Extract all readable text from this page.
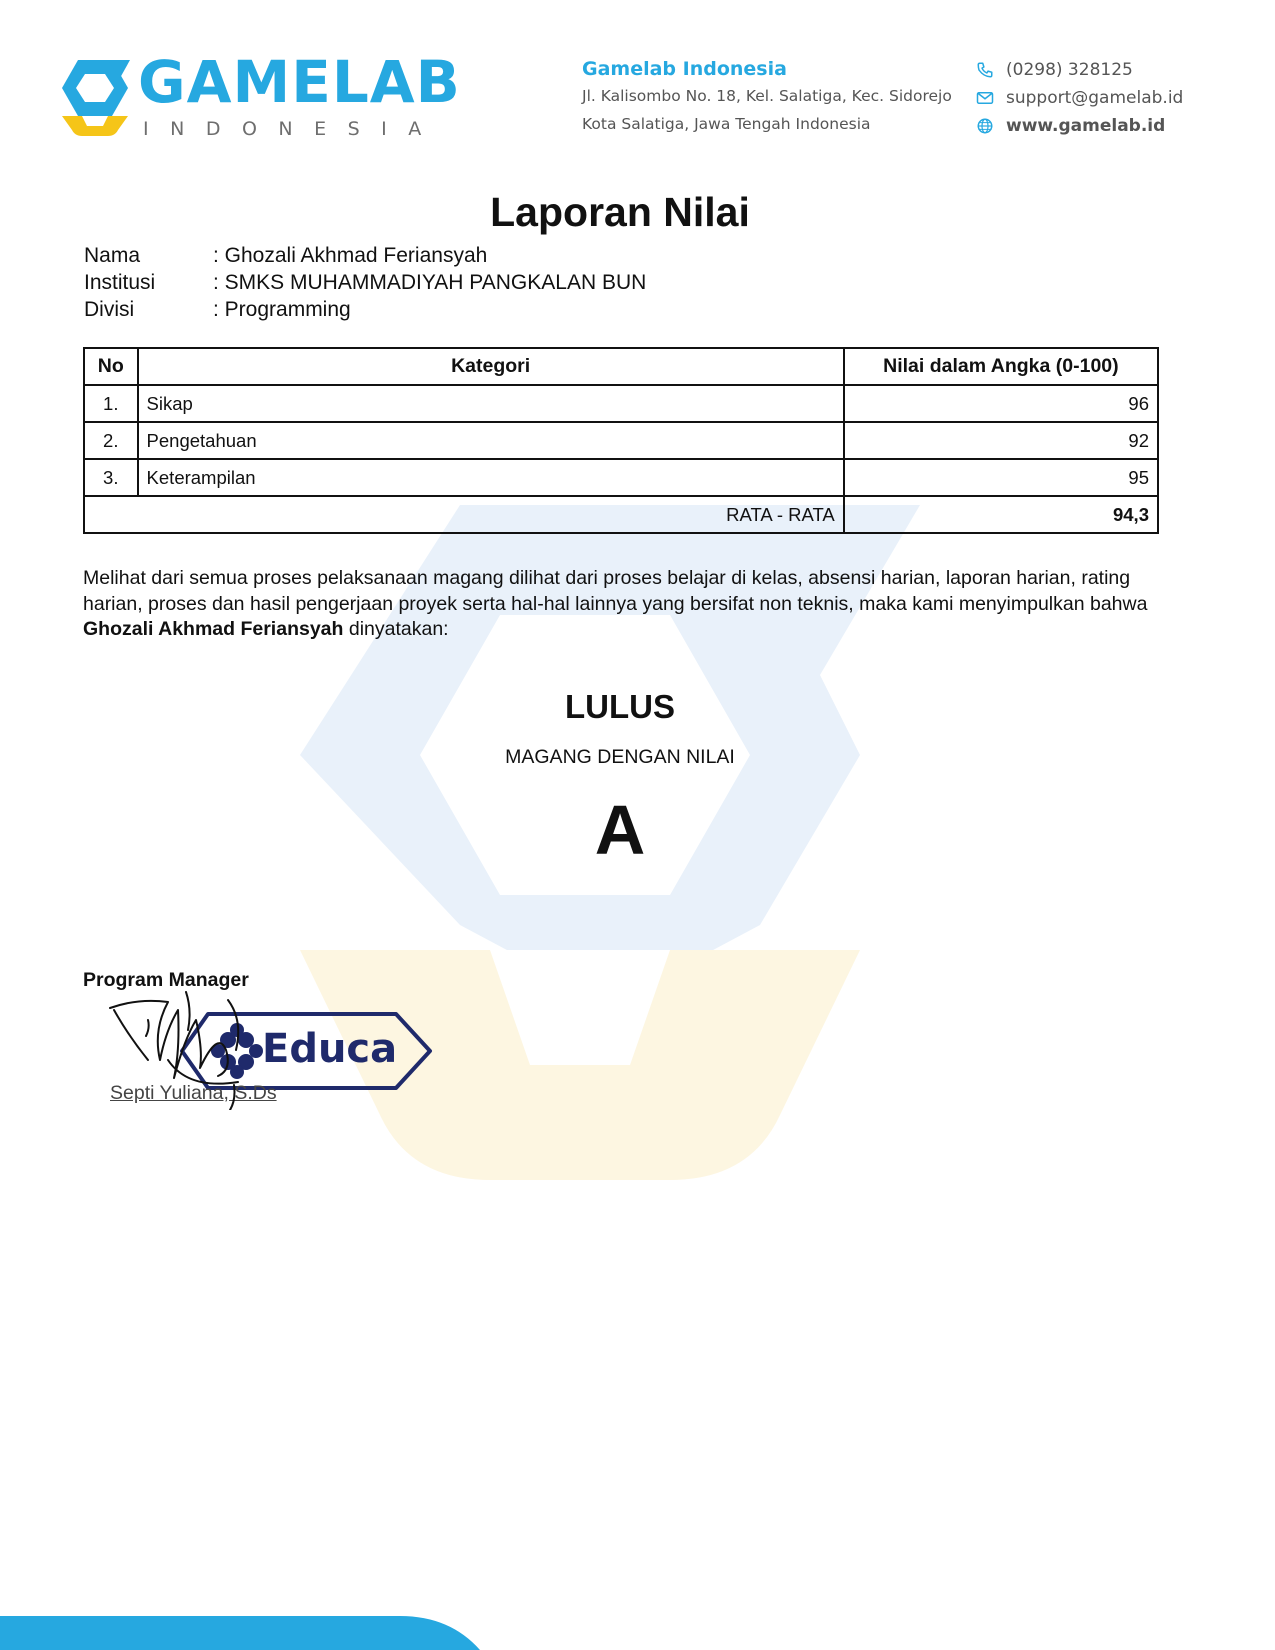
GAMELAB
INDONESIA
Gamelab Indonesia
Jl. Kalisombo No. 18, Kel. Salatiga, Kec. Sidorejo
Kota Salatiga, Jawa Tengah Indonesia
(0298) 328125
support@gamelab.id
www.gamelab.id
Laporan Nilai
Nama	: Ghozali Akhmad Feriansyah
Institusi	: SMKS MUHAMMADIYAH PANGKALAN BUN
Divisi	: Programming
No	Kategori	Nilai dalam Angka (0-100)
1.	Sikap	96
2.	Pengetahuan	92
3.	Keterampilan	95
RATA - RATA		94,3
Melihat dari semua proses pelaksanaan magang dilihat dari proses belajar di kelas, absensi harian, laporan harian, rating harian, proses dan hasil pengerjaan proyek serta hal-hal lainnya yang bersifat non teknis, maka kami menyimpulkan bahwa Ghozali Akhmad Feriansyah dinyatakan:
LULUS
MAGANG DENGAN NILAI
A
Program Manager
Educa
Septi Yuliana, S.Ds
